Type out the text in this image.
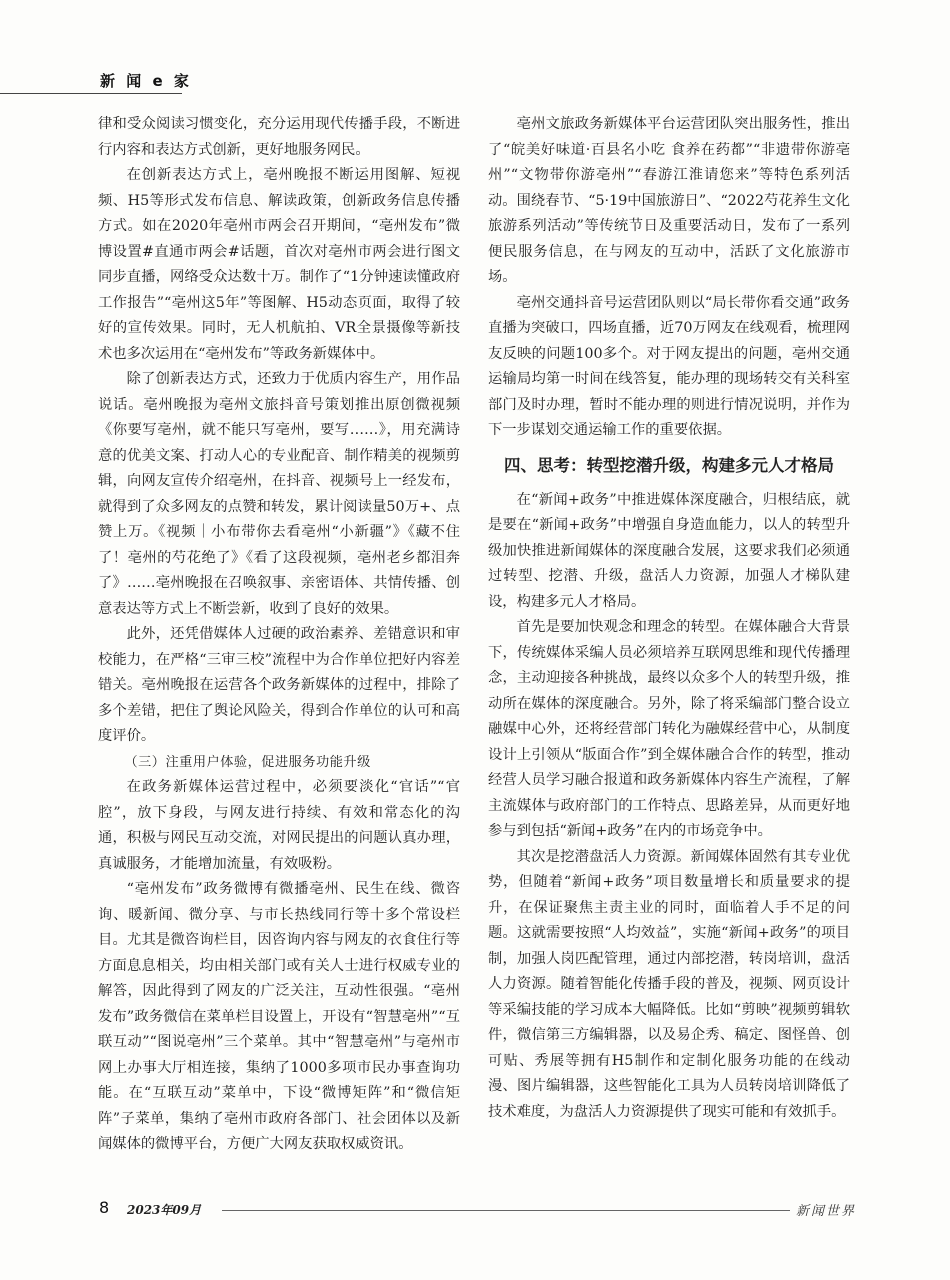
新 闻 e 家

律和受众阅读习惯变化，充分运用现代传播手段，不断进行内容和表达方式创新，更好地服务网民。

在创新表达方式上，亳州晚报不断运用图解、短视频、H5等形式发布信息、解读政策，创新政务信息传播方式。如在2020年亳州市两会召开期间，“亳州发布”微博设置#直通市两会#话题，首次对亳州市两会进行图文同步直播，网络受众达数十万。制作了“1分钟速读懂政府工作报告”“亳州这5年”等图解、H5动态页面，取得了较好的宣传效果。同时，无人机航拍、VR全景摄像等新技术也多次运用在“亳州发布”等政务新媒体中。

除了创新表达方式，还致力于优质内容生产，用作品说话。亳州晚报为亳州文旅抖音号策划推出原创微视频《你要写亳州，就不能只写亳州，要写……》，用充满诗意的优美文案、打动人心的专业配音、制作精美的视频剪辑，向网友宣传介绍亳州，在抖音、视频号上一经发布，就得到了众多网友的点赞和转发，累计阅读量50万+、点赞上万。《视频｜小布带你去看亳州“小新疆”》《藏不住了！亳州的芍花绝了》《看了这段视频，亳州老乡都泪奔了》……亳州晚报在召唤叙事、亲密语体、共情传播、创意表达等方式上不断尝新，收到了良好的效果。

此外，还凭借媒体人过硬的政治素养、差错意识和审校能力，在严格“三审三校”流程中为合作单位把好内容差错关。亳州晚报在运营各个政务新媒体的过程中，排除了多个差错，把住了舆论风险关，得到合作单位的认可和高度评价。

（三）注重用户体验，促进服务功能升级

在政务新媒体运营过程中，必须要淡化“官话”“官腔”，放下身段，与网友进行持续、有效和常态化的沟通，积极与网民互动交流，对网民提出的问题认真办理，真诚服务，才能增加流量，有效吸粉。

“亳州发布”政务微博有微播亳州、民生在线、微咨询、暖新闻、微分享、与市长热线同行等十多个常设栏目。尤其是微咨询栏目，因咨询内容与网友的衣食住行等方面息息相关，均由相关部门或有关人士进行权威专业的解答，因此得到了网友的广泛关注，互动性很强。“亳州发布”政务微信在菜单栏目设置上，开设有“智慧亳州”“互联互动”“图说亳州”三个菜单。其中“智慧亳州”与亳州市网上办事大厅相连接，集纳了1000多项市民办事查询功能。在“互联互动”菜单中，下设“微博矩阵”和“微信矩阵”子菜单，集纳了亳州市政府各部门、社会团体以及新闻媒体的微博平台，方便广大网友获取权威资讯。

亳州文旅政务新媒体平台运营团队突出服务性，推出了“皖美好味道·百县名小吃 食养在药都”“非遗带你游亳州”“文物带你游亳州”“春游江淮请您来”等特色系列活动。围绕春节、“5·19中国旅游日”、“2022芍花养生文化旅游系列活动”等传统节日及重要活动日，发布了一系列便民服务信息，在与网友的互动中，活跃了文化旅游市场。

亳州交通抖音号运营团队则以“局长带你看交通”政务直播为突破口，四场直播，近70万网友在线观看，梳理网友反映的问题100多个。对于网友提出的问题，亳州交通运输局均第一时间在线答复，能办理的现场转交有关科室部门及时办理，暂时不能办理的则进行情况说明，并作为下一步谋划交通运输工作的重要依据。

四、思考：转型挖潜升级，构建多元人才格局

在“新闻+政务”中推进媒体深度融合，归根结底，就是要在“新闻+政务”中增强自身造血能力，以人的转型升级加快推进新闻媒体的深度融合发展，这要求我们必须通过转型、挖潜、升级，盘活人力资源，加强人才梯队建设，构建多元人才格局。

首先是要加快观念和理念的转型。在媒体融合大背景下，传统媒体采编人员必须培养互联网思维和现代传播理念，主动迎接各种挑战，最终以众多个人的转型升级，推动所在媒体的深度融合。另外，除了将采编部门整合设立融媒中心外，还将经营部门转化为融媒经营中心，从制度设计上引领从“版面合作”到全媒体融合合作的转型，推动经营人员学习融合报道和政务新媒体内容生产流程，了解主流媒体与政府部门的工作特点、思路差异，从而更好地参与到包括“新闻+政务”在内的市场竞争中。

其次是挖潜盘活人力资源。新闻媒体固然有其专业优势，但随着“新闻+政务”项目数量增长和质量要求的提升，在保证聚焦主责主业的同时，面临着人手不足的问题。这就需要按照“人均效益”，实施“新闻+政务”的项目制，加强人岗匹配管理，通过内部挖潜，转岗培训，盘活人力资源。随着智能化传播手段的普及，视频、网页设计等采编技能的学习成本大幅降低。比如“剪映”视频剪辑软件，微信第三方编辑器，以及易企秀、稿定、图怪兽、创可贴、秀展等拥有H5制作和定制化服务功能的在线动漫、图片编辑器，这些智能化工具为人员转岗培训降低了技术难度，为盘活人力资源提供了现实可能和有效抓手。

8 2023年09月	新闻世界
